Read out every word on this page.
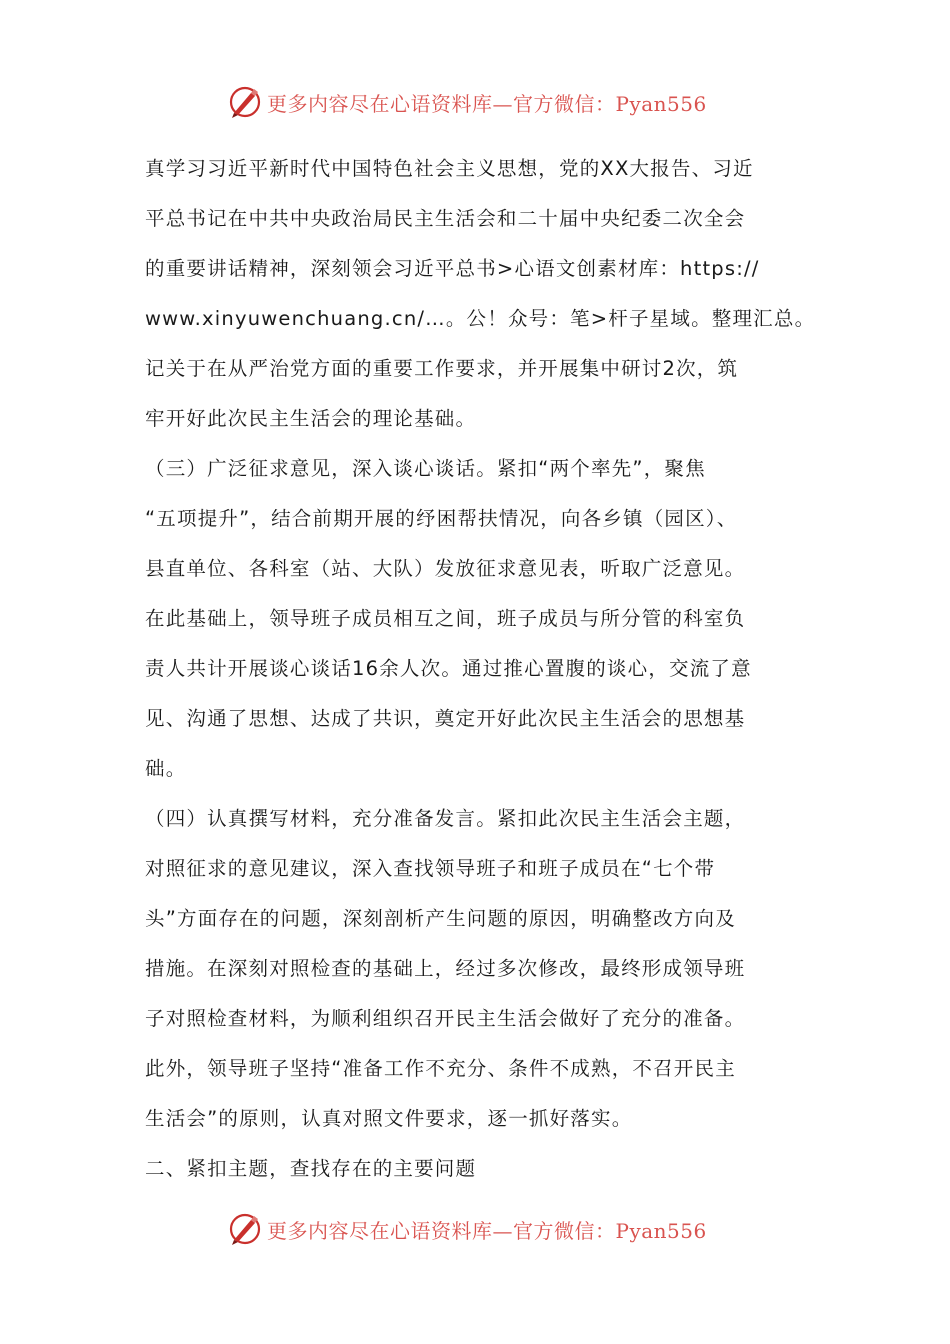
更多内容尽在心语资料库—官方微信：Pyan556
真学习习近平新时代中国特色社会主义思想，党的XX大报告、习近
平总书记在中共中央政治局民主生活会和二十届中央纪委二次全会
的重要讲话精神，深刻领会习近平总书>心语文创素材库：https://
www.xinyuwenchuang.cn/…。公！众号：笔>杆子星域。整理汇总。
记关于在从严治党方面的重要工作要求，并开展集中研讨2次，筑
牢开好此次民主生活会的理论基础。
（三）广泛征求意见，深入谈心谈话。紧扣“两个率先”，聚焦
“五项提升”，结合前期开展的纾困帮扶情况，向各乡镇（园区）、
县直单位、各科室（站、大队）发放征求意见表，听取广泛意见。
在此基础上，领导班子成员相互之间，班子成员与所分管的科室负
责人共计开展谈心谈话16余人次。通过推心置腹的谈心，交流了意
见、沟通了思想、达成了共识，奠定开好此次民主生活会的思想基
础。
（四）认真撰写材料，充分准备发言。紧扣此次民主生活会主题，
对照征求的意见建议，深入查找领导班子和班子成员在“七个带
头”方面存在的问题，深刻剖析产生问题的原因，明确整改方向及
措施。在深刻对照检查的基础上，经过多次修改，最终形成领导班
子对照检查材料，为顺利组织召开民主生活会做好了充分的准备。
此外，领导班子坚持“准备工作不充分、条件不成熟，不召开民主
生活会”的原则，认真对照文件要求，逐一抓好落实。
二、紧扣主题，查找存在的主要问题
更多内容尽在心语资料库—官方微信：Pyan556
